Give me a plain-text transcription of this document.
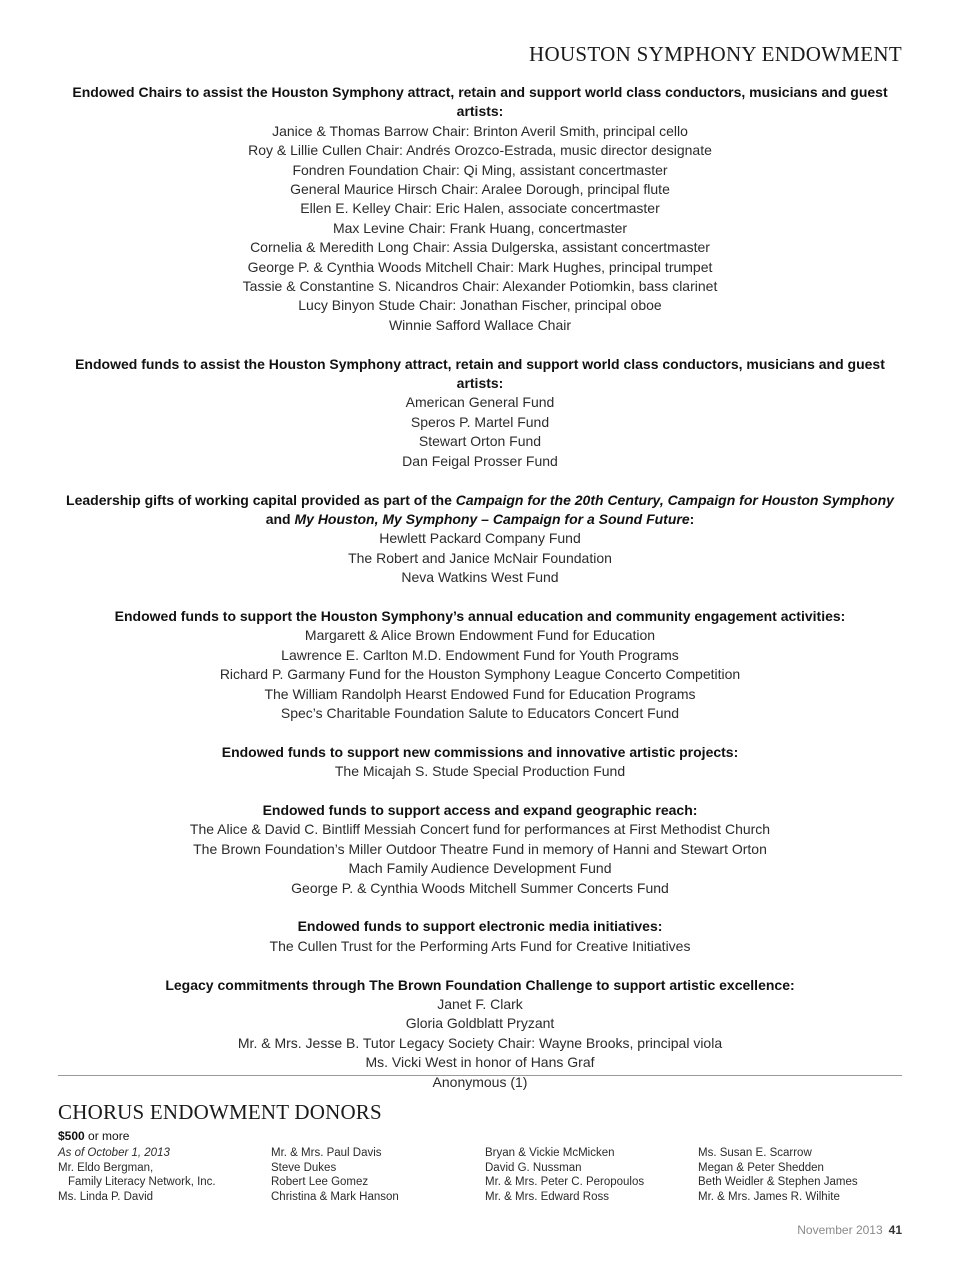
HOUSTON SYMPHONY ENDOWMENT
Endowed Chairs to assist the Houston Symphony attract, retain and support world class conductors, musicians and guest artists:
Janice & Thomas Barrow Chair: Brinton Averil Smith, principal cello
Roy & Lillie Cullen Chair: Andrés Orozco-Estrada, music director designate
Fondren Foundation Chair: Qi Ming, assistant concertmaster
General Maurice Hirsch Chair: Aralee Dorough, principal flute
Ellen E. Kelley Chair: Eric Halen, associate concertmaster
Max Levine Chair: Frank Huang, concertmaster
Cornelia & Meredith Long Chair: Assia Dulgerska, assistant concertmaster
George P. & Cynthia Woods Mitchell Chair: Mark Hughes, principal trumpet
Tassie & Constantine S. Nicandros Chair: Alexander Potiomkin, bass clarinet
Lucy Binyon Stude Chair: Jonathan Fischer, principal oboe
Winnie Safford Wallace Chair
Endowed funds to assist the Houston Symphony attract, retain and support world class conductors, musicians and guest artists:
American General Fund
Speros P. Martel Fund
Stewart Orton Fund
Dan Feigal Prosser Fund
Leadership gifts of working capital provided as part of the Campaign for the 20th Century, Campaign for Houston Symphony and My Houston, My Symphony – Campaign for a Sound Future:
Hewlett Packard Company Fund
The Robert and Janice McNair Foundation
Neva Watkins West Fund
Endowed funds to support the Houston Symphony’s annual education and community engagement activities:
Margarett & Alice Brown Endowment Fund for Education
Lawrence E. Carlton M.D. Endowment Fund for Youth Programs
Richard P. Garmany Fund for the Houston Symphony League Concerto Competition
The William Randolph Hearst Endowed Fund for Education Programs
Spec’s Charitable Foundation Salute to Educators Concert Fund
Endowed funds to support new commissions and innovative artistic projects:
The Micajah S. Stude Special Production Fund
Endowed funds to support access and expand geographic reach:
The Alice & David C. Bintliff Messiah Concert fund for performances at First Methodist Church
The Brown Foundation’s Miller Outdoor Theatre Fund in memory of Hanni and Stewart Orton
Mach Family Audience Development Fund
George P. & Cynthia Woods Mitchell Summer Concerts Fund
Endowed funds to support electronic media initiatives:
The Cullen Trust for the Performing Arts Fund for Creative Initiatives
Legacy commitments through The Brown Foundation Challenge to support artistic excellence:
Janet F. Clark
Gloria Goldblatt Pryzant
Mr. & Mrs. Jesse B. Tutor Legacy Society Chair: Wayne Brooks, principal viola
Ms. Vicki West in honor of Hans Graf
Anonymous (1)
CHORUS ENDOWMENT DONORS
$500 or more
As of October 1, 2013
Mr. Eldo Bergman,
Family Literacy Network, Inc.
Ms. Linda P. David
Mr. & Mrs. Paul Davis
Steve Dukes
Robert Lee Gomez
Christina & Mark Hanson
Bryan & Vickie McMicken
David G. Nussman
Mr. & Mrs. Peter C. Peropoulos
Mr. & Mrs. Edward Ross
Ms. Susan E. Scarrow
Megan & Peter Shedden
Beth Weidler & Stephen James
Mr. & Mrs. James R. Wilhite
November 2013 41
